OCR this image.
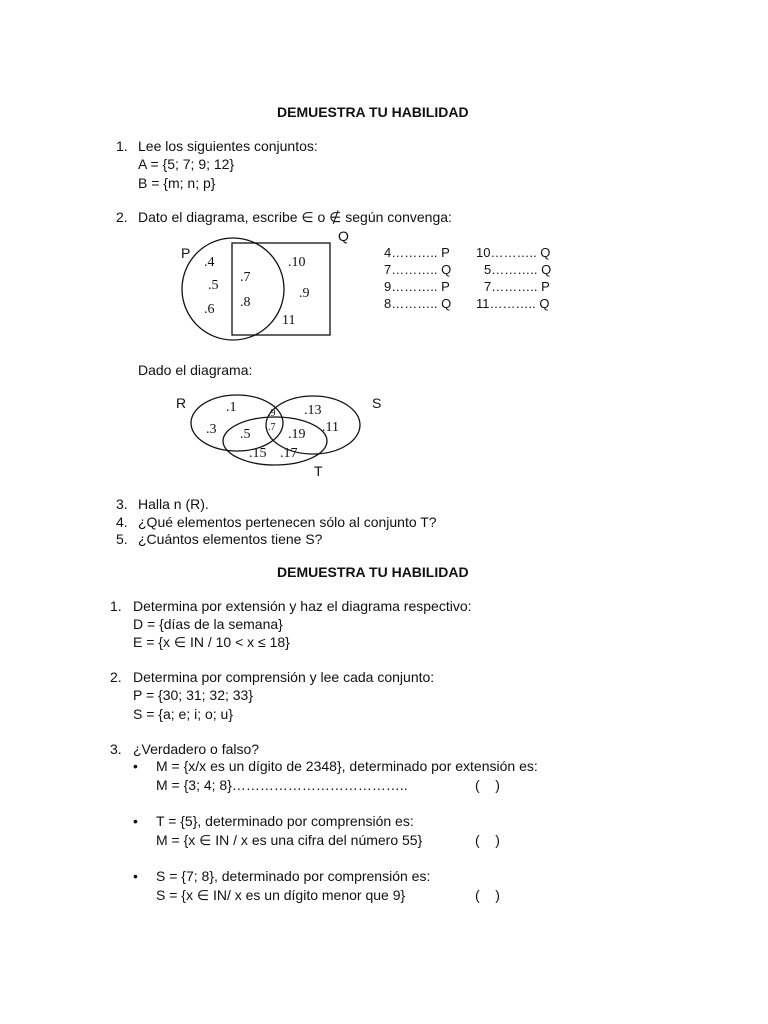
DEMUESTRA TU HABILIDAD
1. Lee los siguientes conjuntos:
A = {5; 7; 9; 12}
B = {m; n; p}
2. Dato el diagrama, escribe ∈ o ∉ según convenga:
P
Q
.4
.5
.6
.7
.8
.10
.9
11
4……….. P 10……….. Q
7……….. Q	5……….. Q
9……….. P	7……….. P
8……….. Q 11……….. Q
Dado el diagrama:
R	S
T
.1
.3
.9
.7
.5	.19
.13
.11
.15 .17
3. Halla n (R).
4. ¿Qué elementos pertenecen sólo al conjunto T?
5. ¿Cuántos elementos tiene S?
DEMUESTRA TU HABILIDAD
1. Determina por extensión y haz el diagrama respectivo:
D = {días de la semana}
E = {x ∈ IN / 10 < x ≤ 18}
2. Determina por comprensión y lee cada conjunto:
P = {30; 31; 32; 33}
S = {a; e; i; o; u}
3. ¿Verdadero o falso?
• M = {x/x es un dígito de 2348}, determinado por extensión es:
M = {3; 4; 8}………………………………..	(    )
• T = {5}, determinado por comprensión es:
M = {x ∈ IN / x es una cifra del número 55}	(    )
• S = {7; 8}, determinado por comprensión es:
S = {x ∈ IN/ x es un dígito menor que 9}	(    )
